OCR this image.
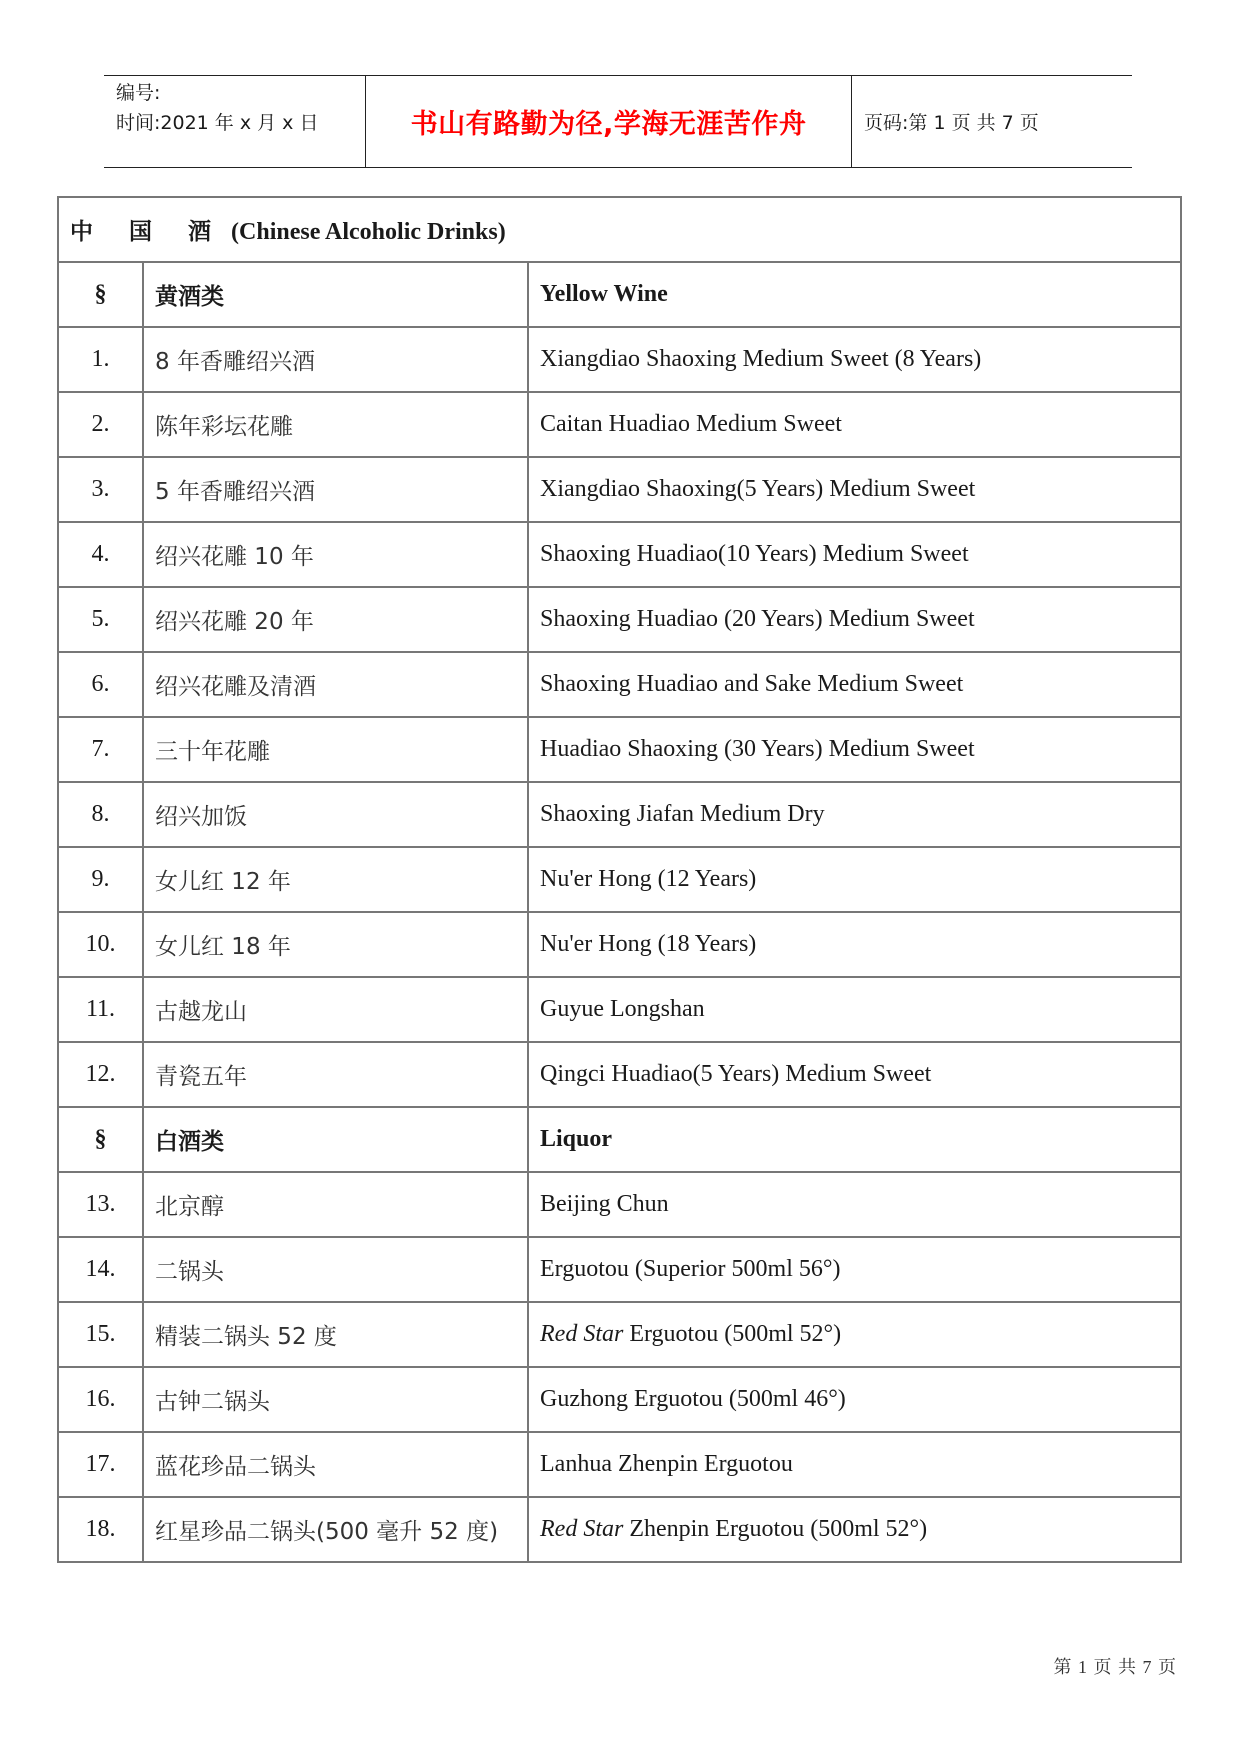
编号:
时间:2021 年 x 月 x 日	书山有路勤为径,学海无涯苦作舟	页码:第 1 页 共 7 页
中 国 酒 (Chinese Alcoholic Drinks)		
§	黄酒类	Yellow Wine
1.	8 年香雕绍兴酒	Xiangdiao Shaoxing Medium Sweet (8 Years)
2.	陈年彩坛花雕	Caitan Huadiao Medium Sweet
3.	5 年香雕绍兴酒	Xiangdiao Shaoxing(5 Years) Medium Sweet
4.	绍兴花雕 10 年	Shaoxing Huadiao(10 Years) Medium Sweet
5.	绍兴花雕 20 年	Shaoxing Huadiao (20 Years) Medium Sweet
6.	绍兴花雕及清酒	Shaoxing Huadiao and Sake Medium Sweet
7.	三十年花雕	Huadiao Shaoxing (30 Years) Medium Sweet
8.	绍兴加饭	Shaoxing Jiafan Medium Dry
9.	女儿红 12 年	Nu'er Hong (12 Years)
10.	女儿红 18 年	Nu'er Hong (18 Years)
11.	古越龙山	Guyue Longshan
12.	青瓷五年	Qingci Huadiao(5 Years) Medium Sweet
§	白酒类	Liquor
13.	北京醇	Beijing Chun
14.	二锅头	Erguotou (Superior 500ml 56°)
15.	精装二锅头 52 度	Red Star Erguotou (500ml 52°)
16.	古钟二锅头	Guzhong Erguotou (500ml 46°)
17.	蓝花珍品二锅头	Lanhua Zhenpin Erguotou
18.	红星珍品二锅头(500 毫升 52 度)	Red Star Zhenpin Erguotou (500ml 52°)
第 1 页 共 7 页
